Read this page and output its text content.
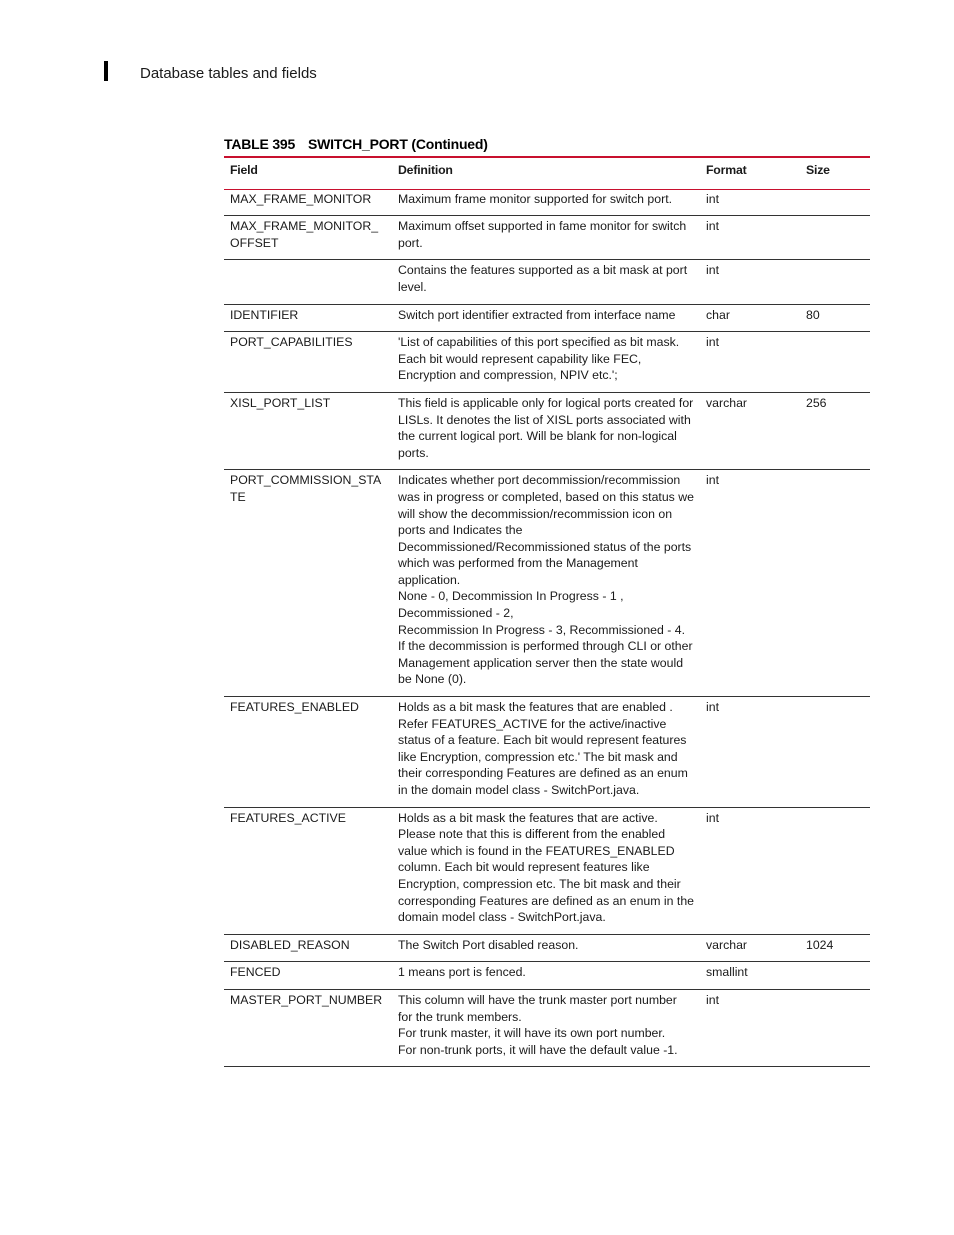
Database tables and fields
TABLE 395 SWITCH_PORT (Continued)
Field	Definition	Format	Size
MAX_FRAME_MONITOR	Maximum frame monitor supported for switch port.	int	
MAX_FRAME_MONITOR_OFFSET	Maximum offset supported in fame monitor for switch port.	int	

	Contains the features supported as a bit mask at port level.	int	
IDENTIFIER	Switch port identifier extracted from interface name	char	80
PORT_CAPABILITIES	'List of capabilities of this port specified as bit mask. Each bit would represent capability like FEC, Encryption and compression, NPIV etc.';	int	
XISL_PORT_LIST	This field is applicable only for logical ports created for LISLs. It denotes the list of XISL ports associated with the current logical port. Will be blank for non-logical ports.	varchar	256
PORT_COMMISSION_STATE	Indicates whether port decommission/recommission was in progress or completed, based on this status we will show the decommission/recommission icon on ports and Indicates the Decommissioned/Recommissioned status of the ports which was performed from the Management application.
None - 0, Decommission In Progress - 1 , Decommissioned - 2,
Recommission In Progress - 3, Recommissioned - 4.
If the decommission is performed through CLI or other Management application server then the state would be None (0).	int	
FEATURES_ENABLED	Holds as a bit mask the features that are enabled . Refer FEATURES_ACTIVE for the active/inactive status of a feature. Each bit would represent features like Encryption, compression etc.' The bit mask and their corresponding Features are defined as an enum in the domain model class - SwitchPort.java.	int	
FEATURES_ACTIVE	Holds as a bit mask the features that are active. Please note that this is different from the enabled value which is found in the FEATURES_ENABLED column. Each bit would represent features like Encryption, compression etc. The bit mask and their corresponding Features are defined as an enum in the domain model class - SwitchPort.java.	int	
DISABLED_REASON	The Switch Port disabled reason.	varchar	1024
FENCED	1 means port is fenced.	smallint	
MASTER_PORT_NUMBER	This column will have the trunk master port number for the trunk members.
For trunk master, it will have its own port number.
For non-trunk ports, it will have the default value -1.	int	
